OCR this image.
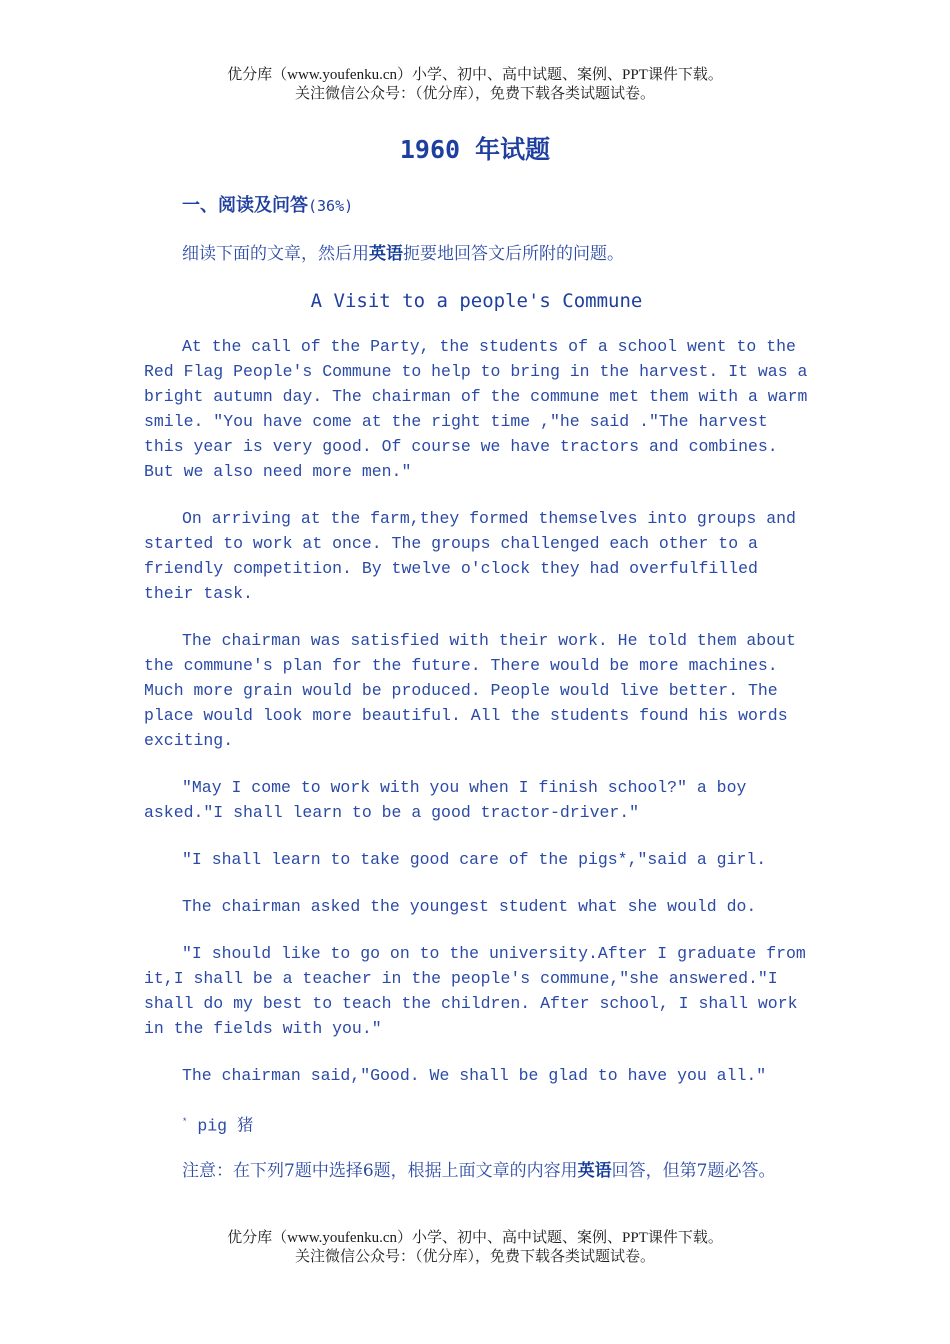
优分库（www.youfenku.cn）小学、初中、高中试题、案例、PPT课件下载。
关注微信公众号：（优分库），免费下载各类试题试卷。
1960 年试题
一、阅读及问答(36%)
细读下面的文章，然后用英语扼要地回答文后所附的问题。
A Visit to a people's Commune

At the call of the Party, the students of a school went to the Red Flag People's Commune to help to bring in the harvest. It was a bright autumn day. The chairman of the commune met them with a warm smile. "You have come at the right time ,"he said ."The harvest this year is very good. Of course we have tractors and combines. But we also need more men."

On arriving at the farm,they formed themselves into groups and started to work at once. The groups challenged each other to a friendly competition. By twelve o'clock they had overfulfilled their task.

The chairman was satisfied with their work. He told them about the commune's plan for the future. There would be more machines. Much more grain would be produced. People would live better. The place would look more beautiful. All the students found his words exciting.

"May I come to work with you when I finish school?" a boy asked."I shall learn to be a good tractor-driver."

"I shall learn to take good care of the pigs*,"said a girl.

The chairman asked the youngest student what she would do.

"I should like to go on to the university.After I graduate from it,I shall be a teacher in the people's commune,"she answered."I shall do my best to teach the children. After school, I shall work in the fields with you."

The chairman said,"Good. We shall be glad to have you all."

* pig 猪
注意：在下列7题中选择6题，根据上面文章的内容用英语回答，但第7题必答。
优分库（www.youfenku.cn）小学、初中、高中试题、案例、PPT课件下载。
关注微信公众号：（优分库），免费下载各类试题试卷。
